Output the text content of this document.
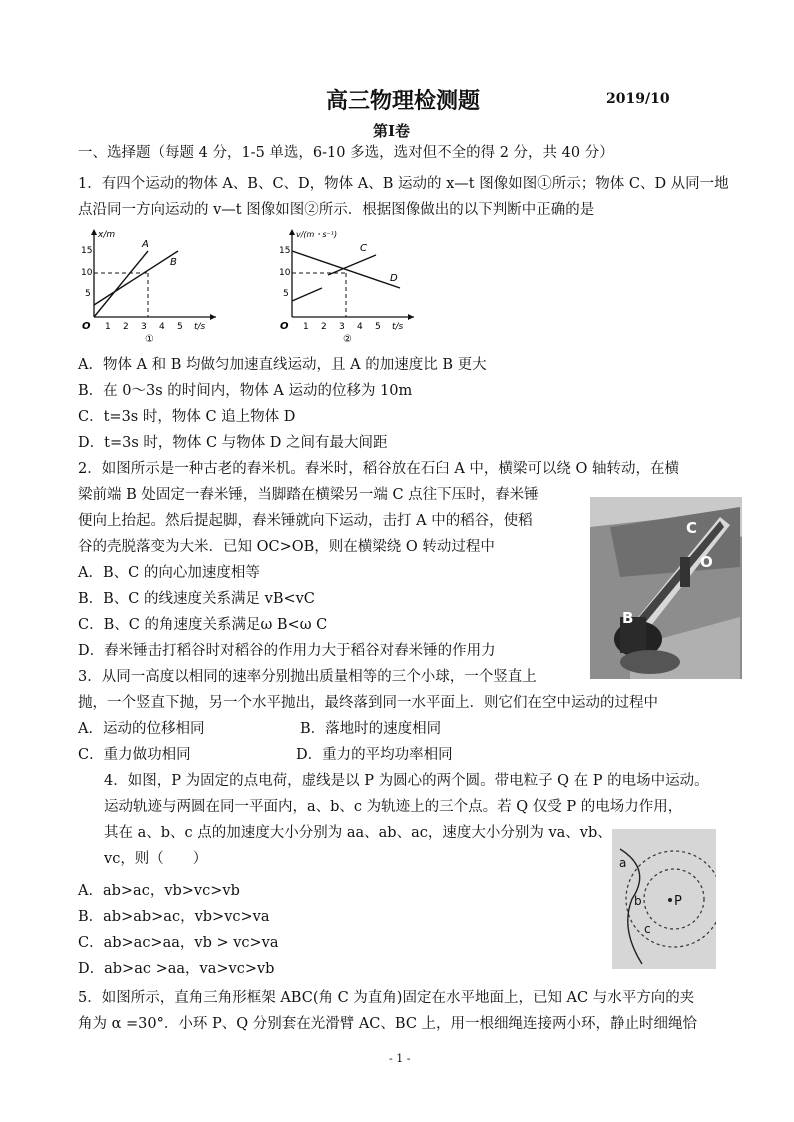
高三物理检测题	2019/10
第Ⅰ卷
一、选择题（每题 4 分，1-5 单选，6-10 多选，选对但不全的得 2 分，共 40 分）
1．有四个运动的物体 A、B、C、D，物体 A、B 运动的 x—t 图像如图①所示；物体 C、D 从同一地
点沿同一方向运动的 v—t 图像如图②所示．根据图像做出的以下判断中正确的是
x/m
t/s
15
10
5
O 1 2 3 4 5
A
B
①
v/(m・s⁻¹)
t/s
15
10
5
O 1 2 3 4 5
C
D
②
A．物体 A 和 B 均做匀加速直线运动，且 A 的加速度比 B 更大
B．在 0～3s 的时间内，物体 A 运动的位移为 10m
C．t=3s 时，物体 C 追上物体 D
D．t=3s 时，物体 C 与物体 D 之间有最大间距
2．如图所示是一种古老的舂米机。舂米时，稻谷放在石臼 A 中，横梁可以绕 O 轴转动，在横
梁前端 B 处固定一舂米锤，当脚踏在横梁另一端 C 点往下压时，舂米锤
便向上抬起。然后提起脚，舂米锤就向下运动，击打 A 中的稻谷，使稻
谷的壳脱落变为大米．已知 OC>OB，则在横梁绕 O 转动过程中
A．B、C 的向心加速度相等
B．B、C 的线速度关系满足 vB<vC
C．B、C 的角速度关系满足ω B<ω C
D．舂米锤击打稻谷时对稻谷的作用力大于稻谷对舂米锤的作用力
C
O
B
3．从同一高度以相同的速率分别抛出质量相等的三个小球，一个竖直上
抛，一个竖直下抛，另一个水平抛出，最终落到同一水平面上．则它们在空中运动的过程中
A．运动的位移相同	B．落地时的速度相同
C．重力做功相同	D．重力的平均功率相同
4．如图，P 为固定的点电荷，虚线是以 P 为圆心的两个圆。带电粒子 Q 在 P 的电场中运动。
运动轨迹与两圆在同一平面内，a、b、c 为轨迹上的三个点。若 Q 仅受 P 的电场力作用，
其在 a、b、c 点的加速度大小分别为 aa、ab、ac，速度大小分别为 va、vb、
vc，则（　　）
A．ab>ac，vb>vc>vb
B．ab>ab>ac，vb>vc>va
C．ab>ac>aa，vb > vc>va
D．ab>ac >aa，va>vc>vb
P
a
b
c
5．如图所示，直角三角形框架 ABC(角 C 为直角)固定在水平地面上，已知 AC 与水平方向的夹
角为 α =30°．小环 P、Q 分别套在光滑臂 AC、BC 上，用一根细绳连接两小环，静止时细绳恰
- 1 -
